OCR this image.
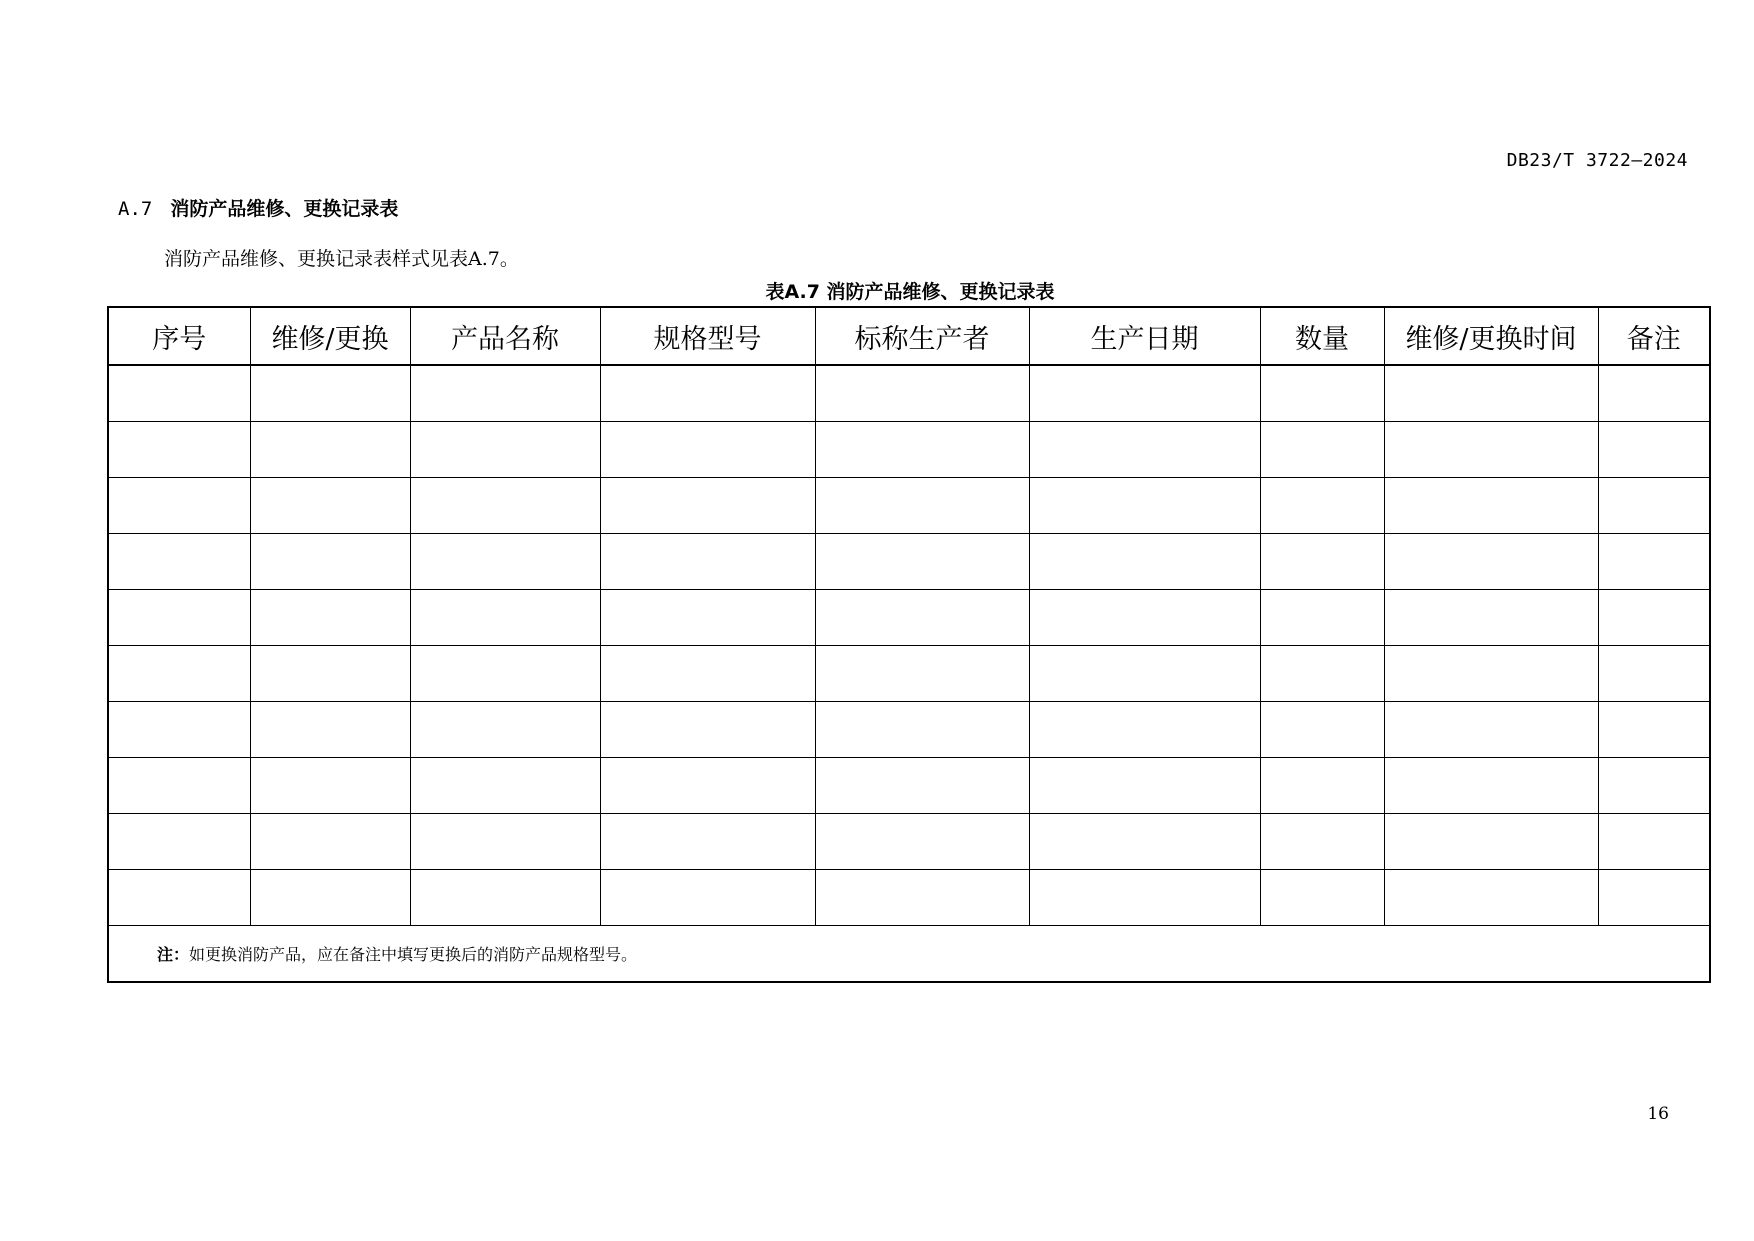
DB23/T 3722—2024
A.7 消防产品维修、更换记录表
消防产品维修、更换记录表样式见表A.7。
表A.7 消防产品维修、更换记录表
序号	维修/更换	产品名称	规格型号	标称生产者	生产日期	数量	维修/更换时间	备注

注：如更换消防产品，应在备注中填写更换后的消防产品规格型号。								
16
